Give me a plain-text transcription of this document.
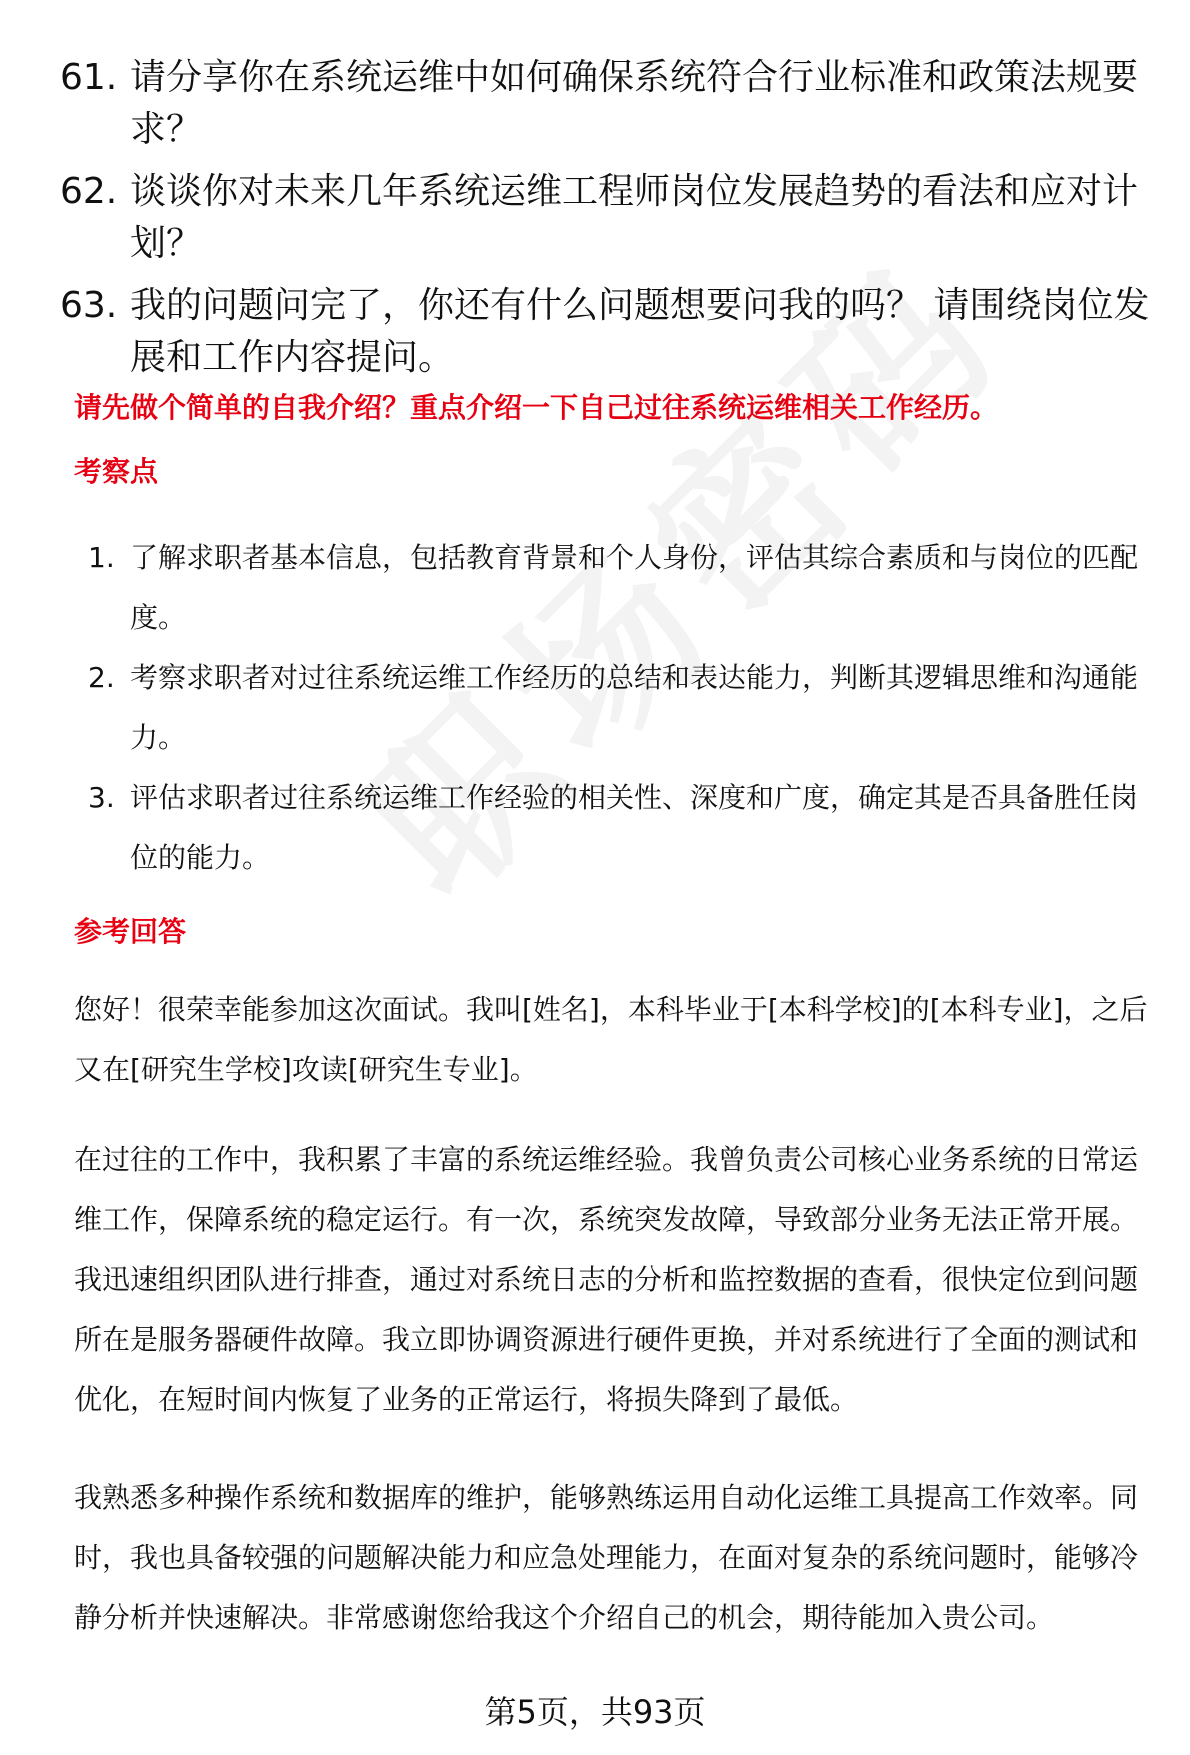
61. 请分享你在系统运维中如何确保系统符合行业标准和政策法规要求？
62. 谈谈你对未来几年系统运维工程师岗位发展趋势的看法和应对计划？
63. 我的问题问完了，你还有什么问题想要问我的吗？ 请围绕岗位发展和工作内容提问。
请先做个简单的自我介绍？重点介绍一下自己过往系统运维相关工作经历。
考察点
1. 了解求职者基本信息，包括教育背景和个人身份，评估其综合素质和与岗位的匹配度。
2. 考察求职者对过往系统运维工作经历的总结和表达能力，判断其逻辑思维和沟通能力。
3. 评估求职者过往系统运维工作经验的相关性、深度和广度，确定其是否具备胜任岗位的能力。
参考回答

您好！很荣幸能参加这次面试。我叫[姓名]，本科毕业于[本科学校]的[本科专业]，之后又在[研究生学校]攻读[研究生专业]。

在过往的工作中，我积累了丰富的系统运维经验。我曾负责公司核心业务系统的日常运维工作，保障系统的稳定运行。有一次，系统突发故障，导致部分业务无法正常开展。我迅速组织团队进行排查，通过对系统日志的分析和监控数据的查看，很快定位到问题所在是服务器硬件故障。我立即协调资源进行硬件更换，并对系统进行了全面的测试和优化，在短时间内恢复了业务的正常运行，将损失降到了最低。

我熟悉多种操作系统和数据库的维护，能够熟练运用自动化运维工具提高工作效率。同时，我也具备较强的问题解决能力和应急处理能力，在面对复杂的系统问题时，能够冷静分析并快速解决。非常感谢您给我这个介绍自己的机会，期待能加入贵公司。

第5页，共93页
